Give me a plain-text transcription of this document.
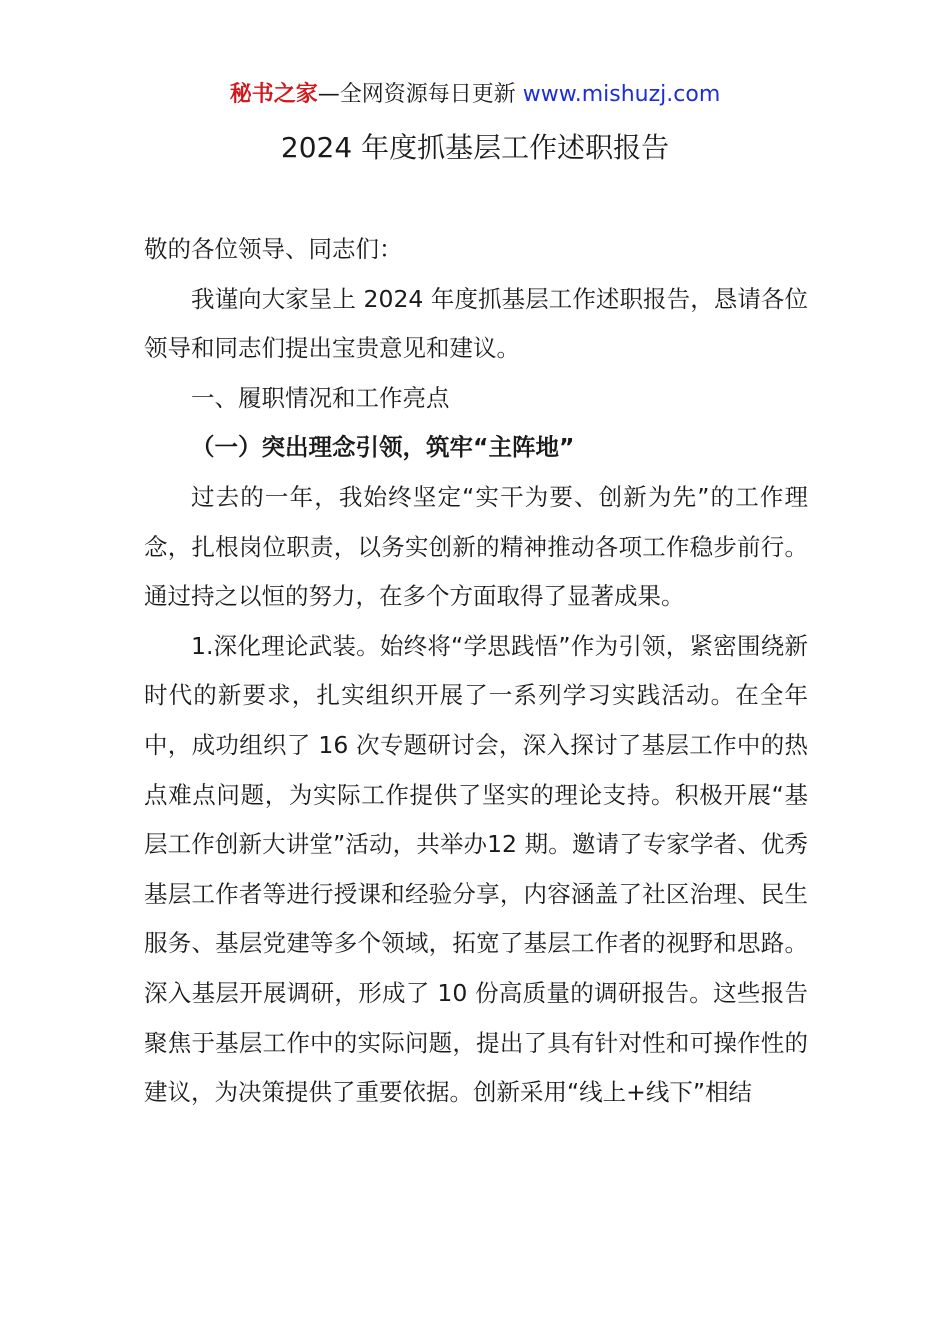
秘书之家—全网资源每日更新 www.mishuzj.com
2024 年度抓基层工作述职报告

敬的各位领导、同志们：

我谨向大家呈上 2024 年度抓基层工作述职报告，恳请各位领导和同志们提出宝贵意见和建议。

一、履职情况和工作亮点

（一）突出理念引领，筑牢“主阵地”

过去的一年，我始终坚定“实干为要、创新为先”的工作理念，扎根岗位职责，以务实创新的精神推动各项工作稳步前行。通过持之以恒的努力，在多个方面取得了显著成果。

1.深化理论武装。始终将“学思践悟”作为引领，紧密围绕新时代的新要求，扎实组织开展了一系列学习实践活动。在全年中，成功组织了 16 次专题研讨会，深入探讨了基层工作中的热点难点问题，为实际工作提供了坚实的理论支持。积极开展“基层工作创新大讲堂”活动，共举办12 期。邀请了专家学者、优秀基层工作者等进行授课和经验分享，内容涵盖了社区治理、民生服务、基层党建等多个领域，拓宽了基层工作者的视野和思路。深入基层开展调研，形成了 10 份高质量的调研报告。这些报告聚焦于基层工作中的实际问题，提出了具有针对性和可操作性的建议，为决策提供了重要依据。创新采用“线上+线下”相结
